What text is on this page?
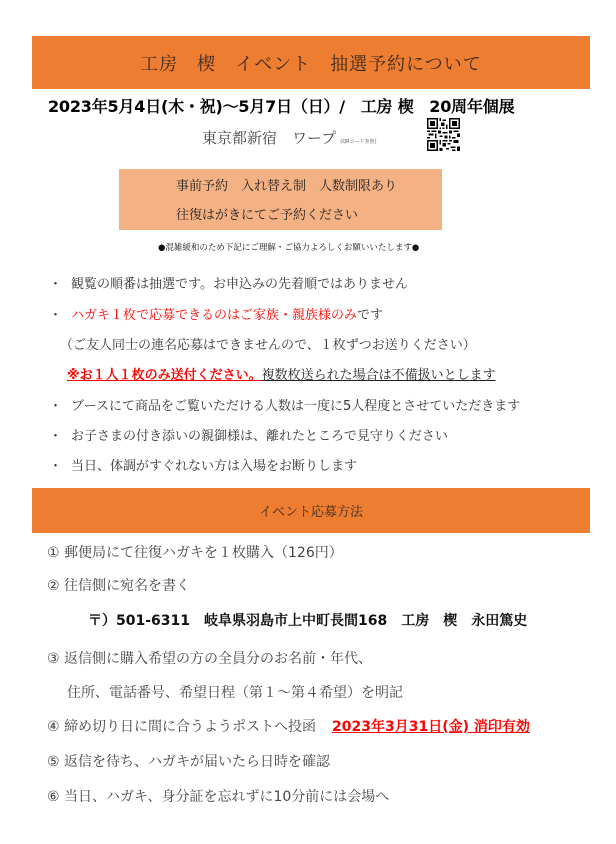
工房　楔　イベント　抽選予約について
2023年5月4日(木・祝)～5月7日（日）/　工房 楔　20周年個展
東京都新宿　ワープ (QRコード参照)
事前予約　入れ替え制　人数制限あり
往復はがきにてご予約ください
●混雑緩和のため下記にご理解・ご協力よろしくお願いいたします●
・ 観覧の順番は抽選です。お申込みの先着順ではありません
・ ハガキ１枚で応募できるのはご家族・親族様のみです
（ご友人同士の連名応募はできませんので、１枚ずつお送りください）
※お１人１枚のみ送付ください。複数枚送られた場合は不備扱いとします
・ ブースにて商品をご覧いただける人数は一度に5人程度とさせていただきます
・ お子さまの付き添いの親御様は、離れたところで見守りください
・ 当日、体調がすぐれない方は入場をお断りします
イベント応募方法
① 郵便局にて往復ハガキを１枚購入（126円）
② 往信側に宛名を書く
〒）501-6311　岐阜県羽島市上中町長間168　工房　楔　永田篤史
③ 返信側に購入希望の方の全員分のお名前・年代、
住所、電話番号、希望日程（第１～第４希望）を明記
④ 締め切り日に間に合うようポストへ投函 2023年3月31日(金) 消印有効
⑤ 返信を待ち、ハガキが届いたら日時を確認
⑥ 当日、ハガキ、身分証を忘れずに10分前には会場へ
